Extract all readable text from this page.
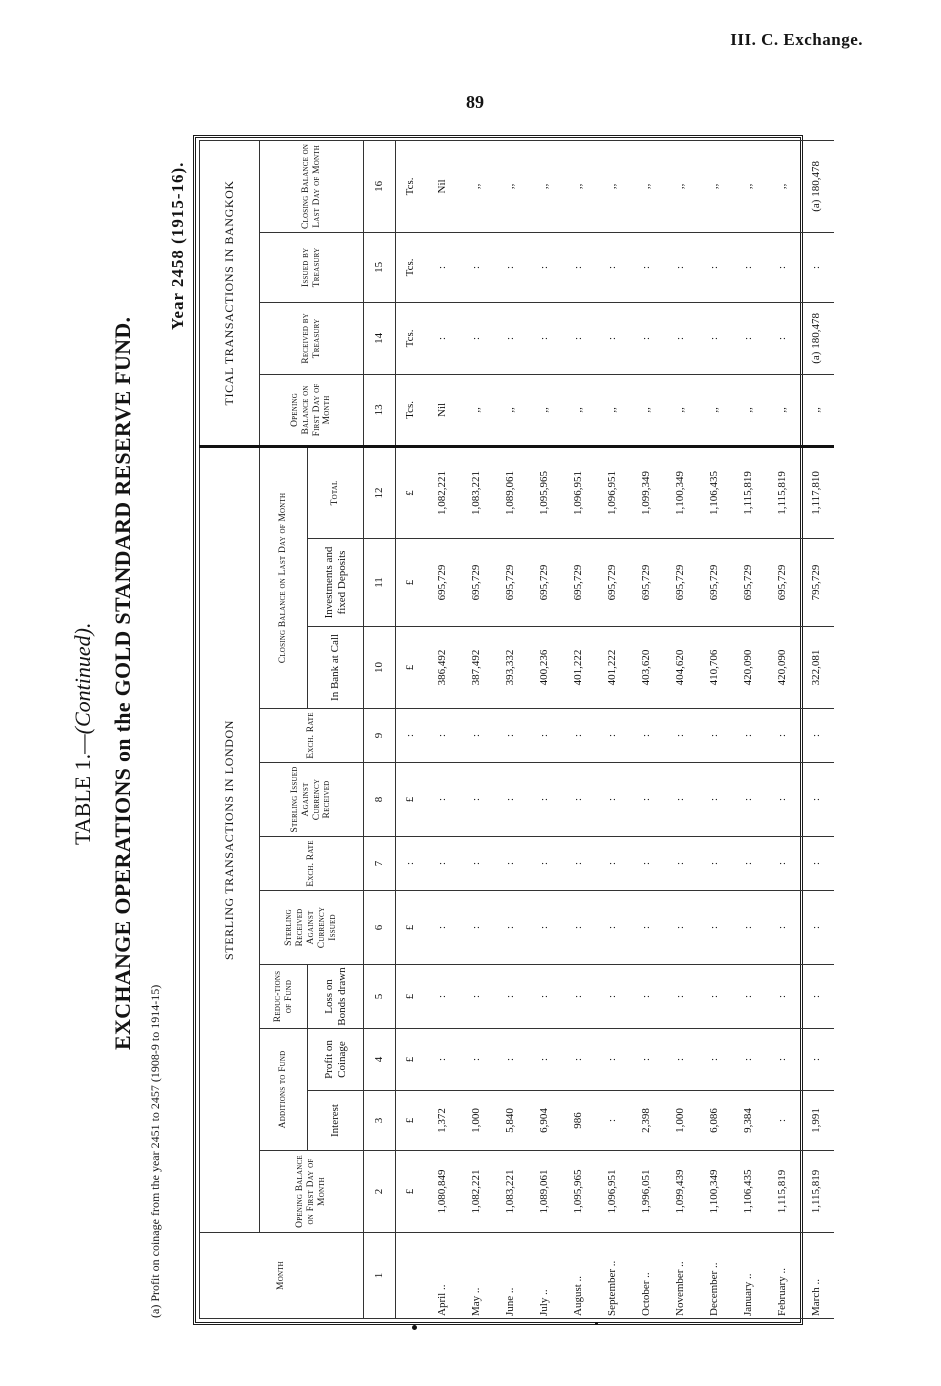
III. C. Exchange.
89
TABLE 1.—(Continued). EXCHANGE OPERATIONS on the GOLD STANDARD RESERVE FUND.
Year 2458 (1915-16).
(a) Profit on coinage from the year 2451 to 2457 (1908-9 to 1914-15)	Month	STERLING TRANSACTIONS IN LONDON											TICAL TRANSACTIONS IN BANGKOK			
	Opening Balance on First Day of Month	Additions to Fund		Reduc-tions of Fund	Sterling Received Against Currency Issued	Exch. Rate	Sterling Issued Against Currency Received	Exch. Rate	Closing Balance on Last Day of Month			Opening Balance on First Day of Month	Received by Treasury	Issued by Treasury	Closing Balance on Last Day of Month
		Interest	Profit on Coinage	Loss on Bonds drawn					In Bank at Call	Investments and fixed Deposits	Total				
1	2	3	4	5	6	7	8	9	10	11	12	13	14	15	16
	£	£	£	£	£	:	£	:	£	£	£	Tcs.	Tcs.	Tcs.	Tcs.
April ..	1,080,849	1,372	:	:	:	:	:	:	386,492	695,729	1,082,221	Nil	:	:	Nil
May ..	1,082,221	1,000	:	:	:	:	:	:	387,492	695,729	1,083,221	,,	:	:	,,
June ..	1,083,221	5,840	:	:	:	:	:	:	393,332	695,729	1,089,061	,,	:	:	,,
July ..	1,089,061	6,904	:	:	:	:	:	:	400,236	695,729	1,095,965	,,	:	:	,,
August ..	1,095,965	986	:	:	:	:	:	:	401,222	695,729	1,096,951	,,	:	:	,,
September ..	1,096,951	:	:	:	:	:	:	:	401,222	695,729	1,096,951	,,	:	:	,,
October ..	1,996,051	2,398	:	:	:	:	:	:	403,620	695,729	1,099,349	,,	:	:	,,
November ..	1,099,439	1,000	:	:	:	:	:	:	404,620	695,729	1,100,349	,,	:	:	,,
December ..	1,100,349	6,086	:	:	:	:	:	:	410,706	695,729	1,106,435	,,	:	:	,,
January ..	1,106,435	9,384	:	:	:	:	:	:	420,090	695,729	1,115,819	,,	:	:	,,
February ..	1,115,819	:	:	:	:	:	:	:	420,090	695,729	1,115,819	,,	:	:	,,
March ..	1,115,819	1,991	:	:	:	:	:	:	322,081	795,729	1,117,810	,,	(a) 180,478	:	(a) 180,478
